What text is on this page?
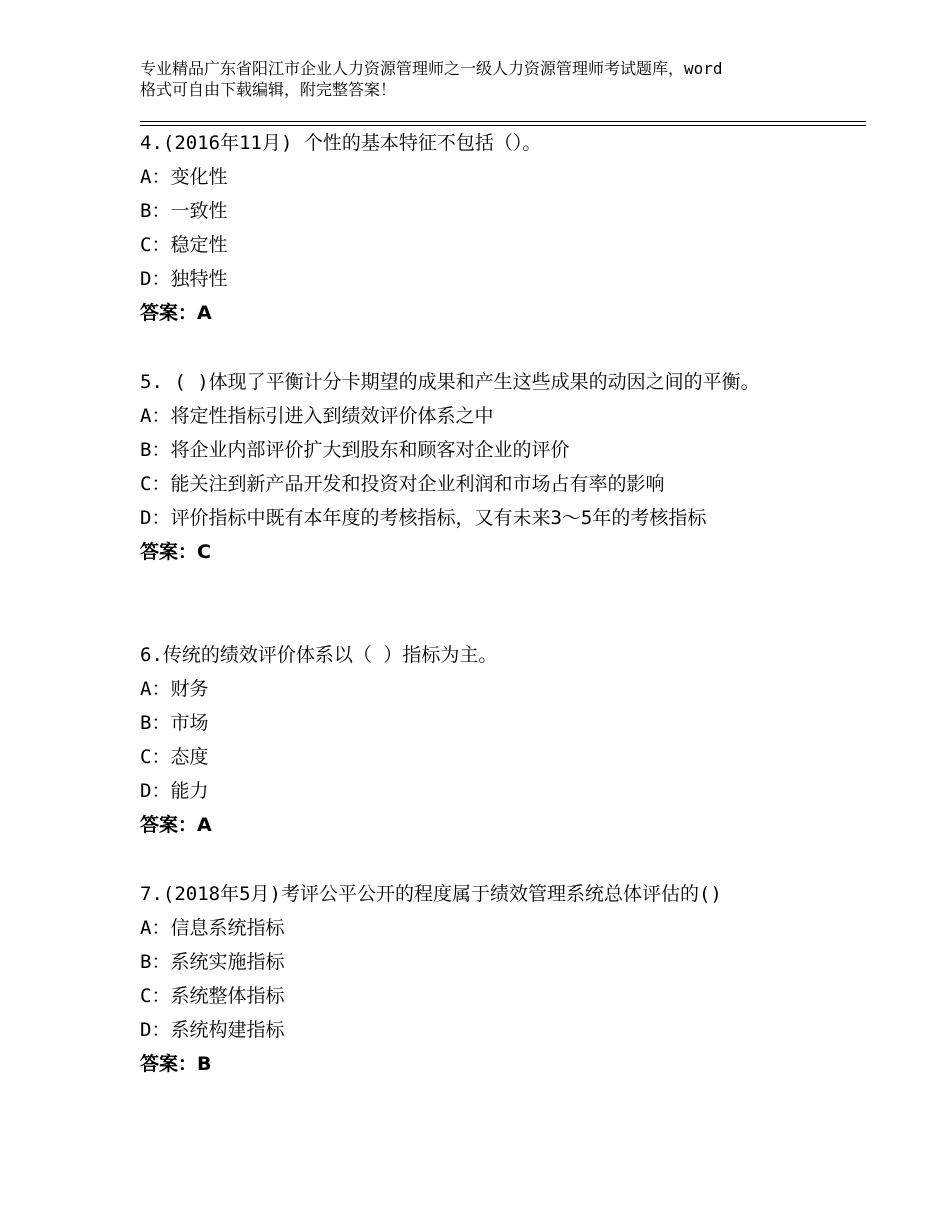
专业精品广东省阳江市企业人力资源管理师之一级人力资源管理师考试题库，word
格式可自由下载编辑，附完整答案！
4.(2016年11月) 个性的基本特征不包括（）。
A：变化性
B：一致性
C：稳定性
D：独特性
答案：A
5. ( )体现了平衡计分卡期望的成果和产生这些成果的动因之间的平衡。
A：将定性指标引进入到绩效评价体系之中
B：将企业内部评价扩大到股东和顾客对企业的评价
C：能关注到新产品开发和投资对企业利润和市场占有率的影响
D：评价指标中既有本年度的考核指标，又有未来3～5年的考核指标
答案：C
6.传统的绩效评价体系以（ ）指标为主。
A：财务
B：市场
C：态度
D：能力
答案：A
7.(2018年5月)考评公平公开的程度属于绩效管理系统总体评估的()
A：信息系统指标
B：系统实施指标
C：系统整体指标
D：系统构建指标
答案：B
